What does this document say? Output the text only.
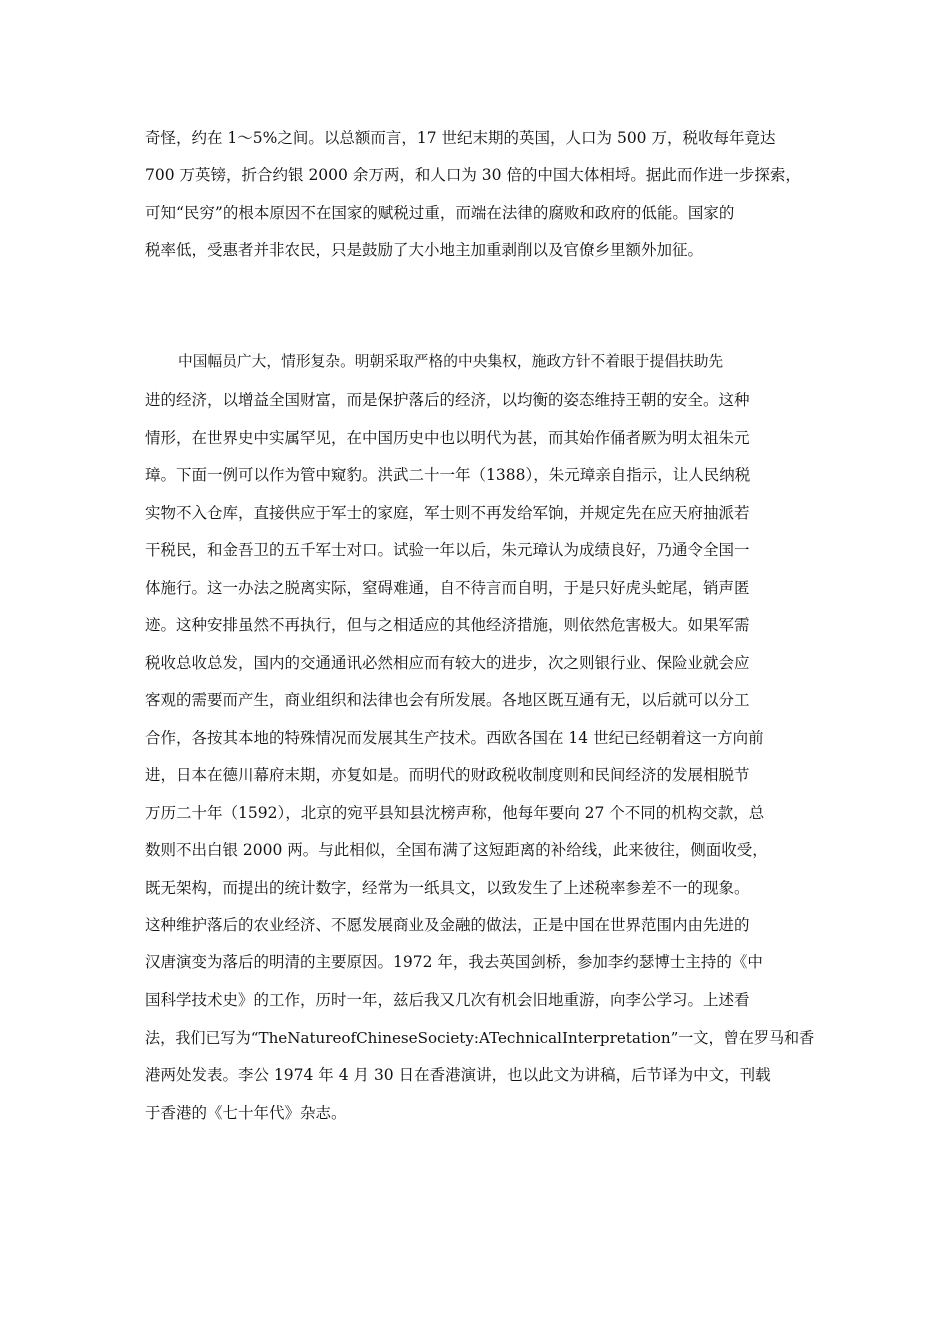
奇怪，约在 1～5%之间。以总额而言，17 世纪末期的英国，人口为 500 万，税收每年竟达
700 万英镑，折合约银 2000 余万两，和人口为 30 倍的中国大体相埒。据此而作进一步探索，
可知“民穷”的根本原因不在国家的赋税过重，而端在法律的腐败和政府的低能。国家的
税率低，受惠者并非农民，只是鼓励了大小地主加重剥削以及官僚乡里额外加征。
中国幅员广大，情形复杂。明朝采取严格的中央集权，施政方针不着眼于提倡扶助先
进的经济，以增益全国财富，而是保护落后的经济，以均衡的姿态维持王朝的安全。这种
情形，在世界史中实属罕见，在中国历史中也以明代为甚，而其始作俑者厥为明太祖朱元
璋。下面一例可以作为管中窥豹。洪武二十一年（1388），朱元璋亲自指示，让人民纳税
实物不入仓库，直接供应于军士的家庭，军士则不再发给军饷，并规定先在应天府抽派若
干税民，和金吾卫的五千军士对口。试验一年以后，朱元璋认为成绩良好，乃通令全国一
体施行。这一办法之脱离实际，窒碍难通，自不待言而自明，于是只好虎头蛇尾，销声匿
迹。这种安排虽然不再执行，但与之相适应的其他经济措施，则依然危害极大。如果军需
税收总收总发，国内的交通通讯必然相应而有较大的进步，次之则银行业、保险业就会应
客观的需要而产生，商业组织和法律也会有所发展。各地区既互通有无，以后就可以分工
合作，各按其本地的特殊情况而发展其生产技术。西欧各国在 14 世纪已经朝着这一方向前
进，日本在德川幕府末期，亦复如是。而明代的财政税收制度则和民间经济的发展相脱节
万历二十年（1592），北京的宛平县知县沈榜声称，他每年要向 27 个不同的机构交款，总
数则不出白银 2000 两。与此相似，全国布满了这短距离的补给线，此来彼往，侧面收受，
既无架构，而提出的统计数字，经常为一纸具文，以致发生了上述税率参差不一的现象。
这种维护落后的农业经济、不愿发展商业及金融的做法，正是中国在世界范围内由先进的
汉唐演变为落后的明清的主要原因。1972 年，我去英国剑桥，参加李约瑟博士主持的《中
国科学技术史》的工作，历时一年，兹后我又几次有机会旧地重游，向李公学习。上述看
法，我们已写为“TheNatureofChineseSociety:ATechnicalInterpretation”一文，曾在罗马和香
港两处发表。李公 1974 年 4 月 30 日在香港演讲，也以此文为讲稿，后节译为中文，刊载
于香港的《七十年代》杂志。
